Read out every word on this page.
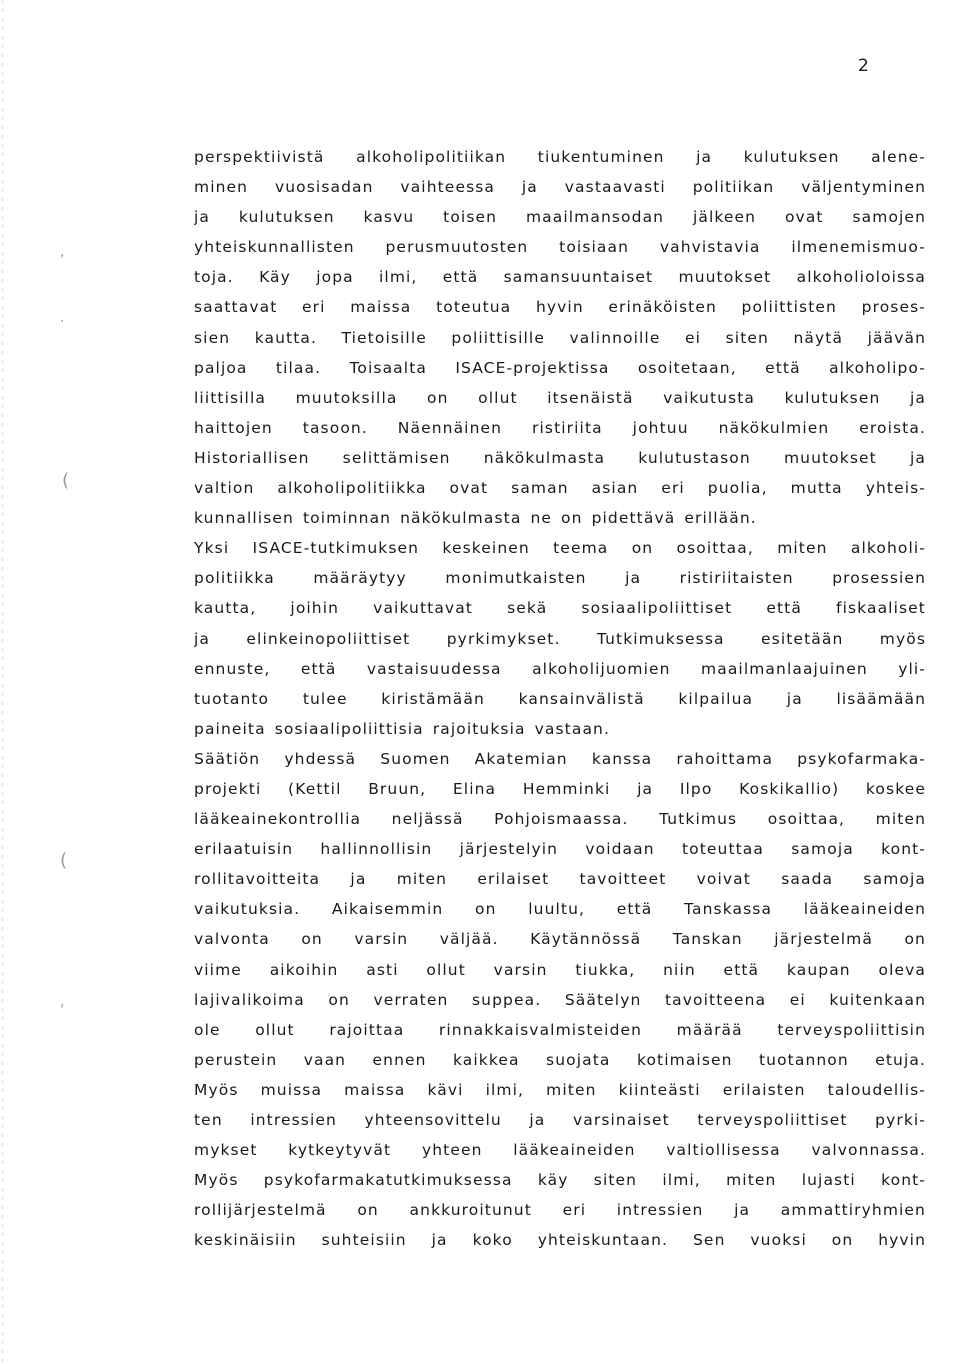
2
,
.
(
(
,
perspektiivistä alkoholipolitiikan tiukentuminen ja kulutuksen alene-
minen vuosisadan vaihteessa ja vastaavasti politiikan väljentyminen
ja kulutuksen kasvu toisen maailmansodan jälkeen ovat samojen
yhteiskunnallisten perusmuutosten toisiaan vahvistavia ilmenemismuo-
toja. Käy jopa ilmi, että samansuuntaiset muutokset alkoholioloissa
saattavat eri maissa toteutua hyvin erinäköisten poliittisten proses-
sien kautta. Tietoisille poliittisille valinnoille ei siten näytä jäävän
paljoa tilaa. Toisaalta ISACE-projektissa osoitetaan, että alkoholipo-
liittisilla muutoksilla on ollut itsenäistä vaikutusta kulutuksen ja
haittojen tasoon. Näennäinen ristiriita johtuu näkökulmien eroista.
Historiallisen selittämisen näkökulmasta kulutustason muutokset ja
valtion alkoholipolitiikka ovat saman asian eri puolia, mutta yhteis-
kunnallisen toiminnan näkökulmasta ne on pidettävä erillään.
Yksi ISACE-tutkimuksen keskeinen teema on osoittaa, miten alkoholi-
politiikka määräytyy monimutkaisten ja ristiriitaisten prosessien
kautta, joihin vaikuttavat sekä sosiaalipoliittiset että fiskaaliset
ja elinkeinopoliittiset pyrkimykset. Tutkimuksessa esitetään myös
ennuste, että vastaisuudessa alkoholijuomien maailmanlaajuinen yli-
tuotanto tulee kiristämään kansainvälistä kilpailua ja lisäämään
paineita sosiaalipoliittisia rajoituksia vastaan.
Säätiön yhdessä Suomen Akatemian kanssa rahoittama psykofarmaka-
projekti (Kettil Bruun, Elina Hemminki ja Ilpo Koskikallio) koskee
lääkeainekontrollia neljässä Pohjoismaassa. Tutkimus osoittaa, miten
erilaatuisin hallinnollisin järjestelyin voidaan toteuttaa samoja kont-
rollitavoitteita ja miten erilaiset tavoitteet voivat saada samoja
vaikutuksia. Aikaisemmin on luultu, että Tanskassa lääkeaineiden
valvonta on varsin väljää. Käytännössä Tanskan järjestelmä on
viime aikoihin asti ollut varsin tiukka, niin että kaupan oleva
lajivalikoima on verraten suppea. Säätelyn tavoitteena ei kuitenkaan
ole ollut rajoittaa rinnakkaisvalmisteiden määrää terveyspoliittisin
perustein vaan ennen kaikkea suojata kotimaisen tuotannon etuja.
Myös muissa maissa kävi ilmi, miten kiinteästi erilaisten taloudellis-
ten intressien yhteensovittelu ja varsinaiset terveyspoliittiset pyrki-
mykset kytkeytyvät yhteen lääkeaineiden valtiollisessa valvonnassa.
Myös psykofarmakatutkimuksessa käy siten ilmi, miten lujasti kont-
rollijärjestelmä on ankkuroitunut eri intressien ja ammattiryhmien
keskinäisiin suhteisiin ja koko yhteiskuntaan. Sen vuoksi on hyvin
